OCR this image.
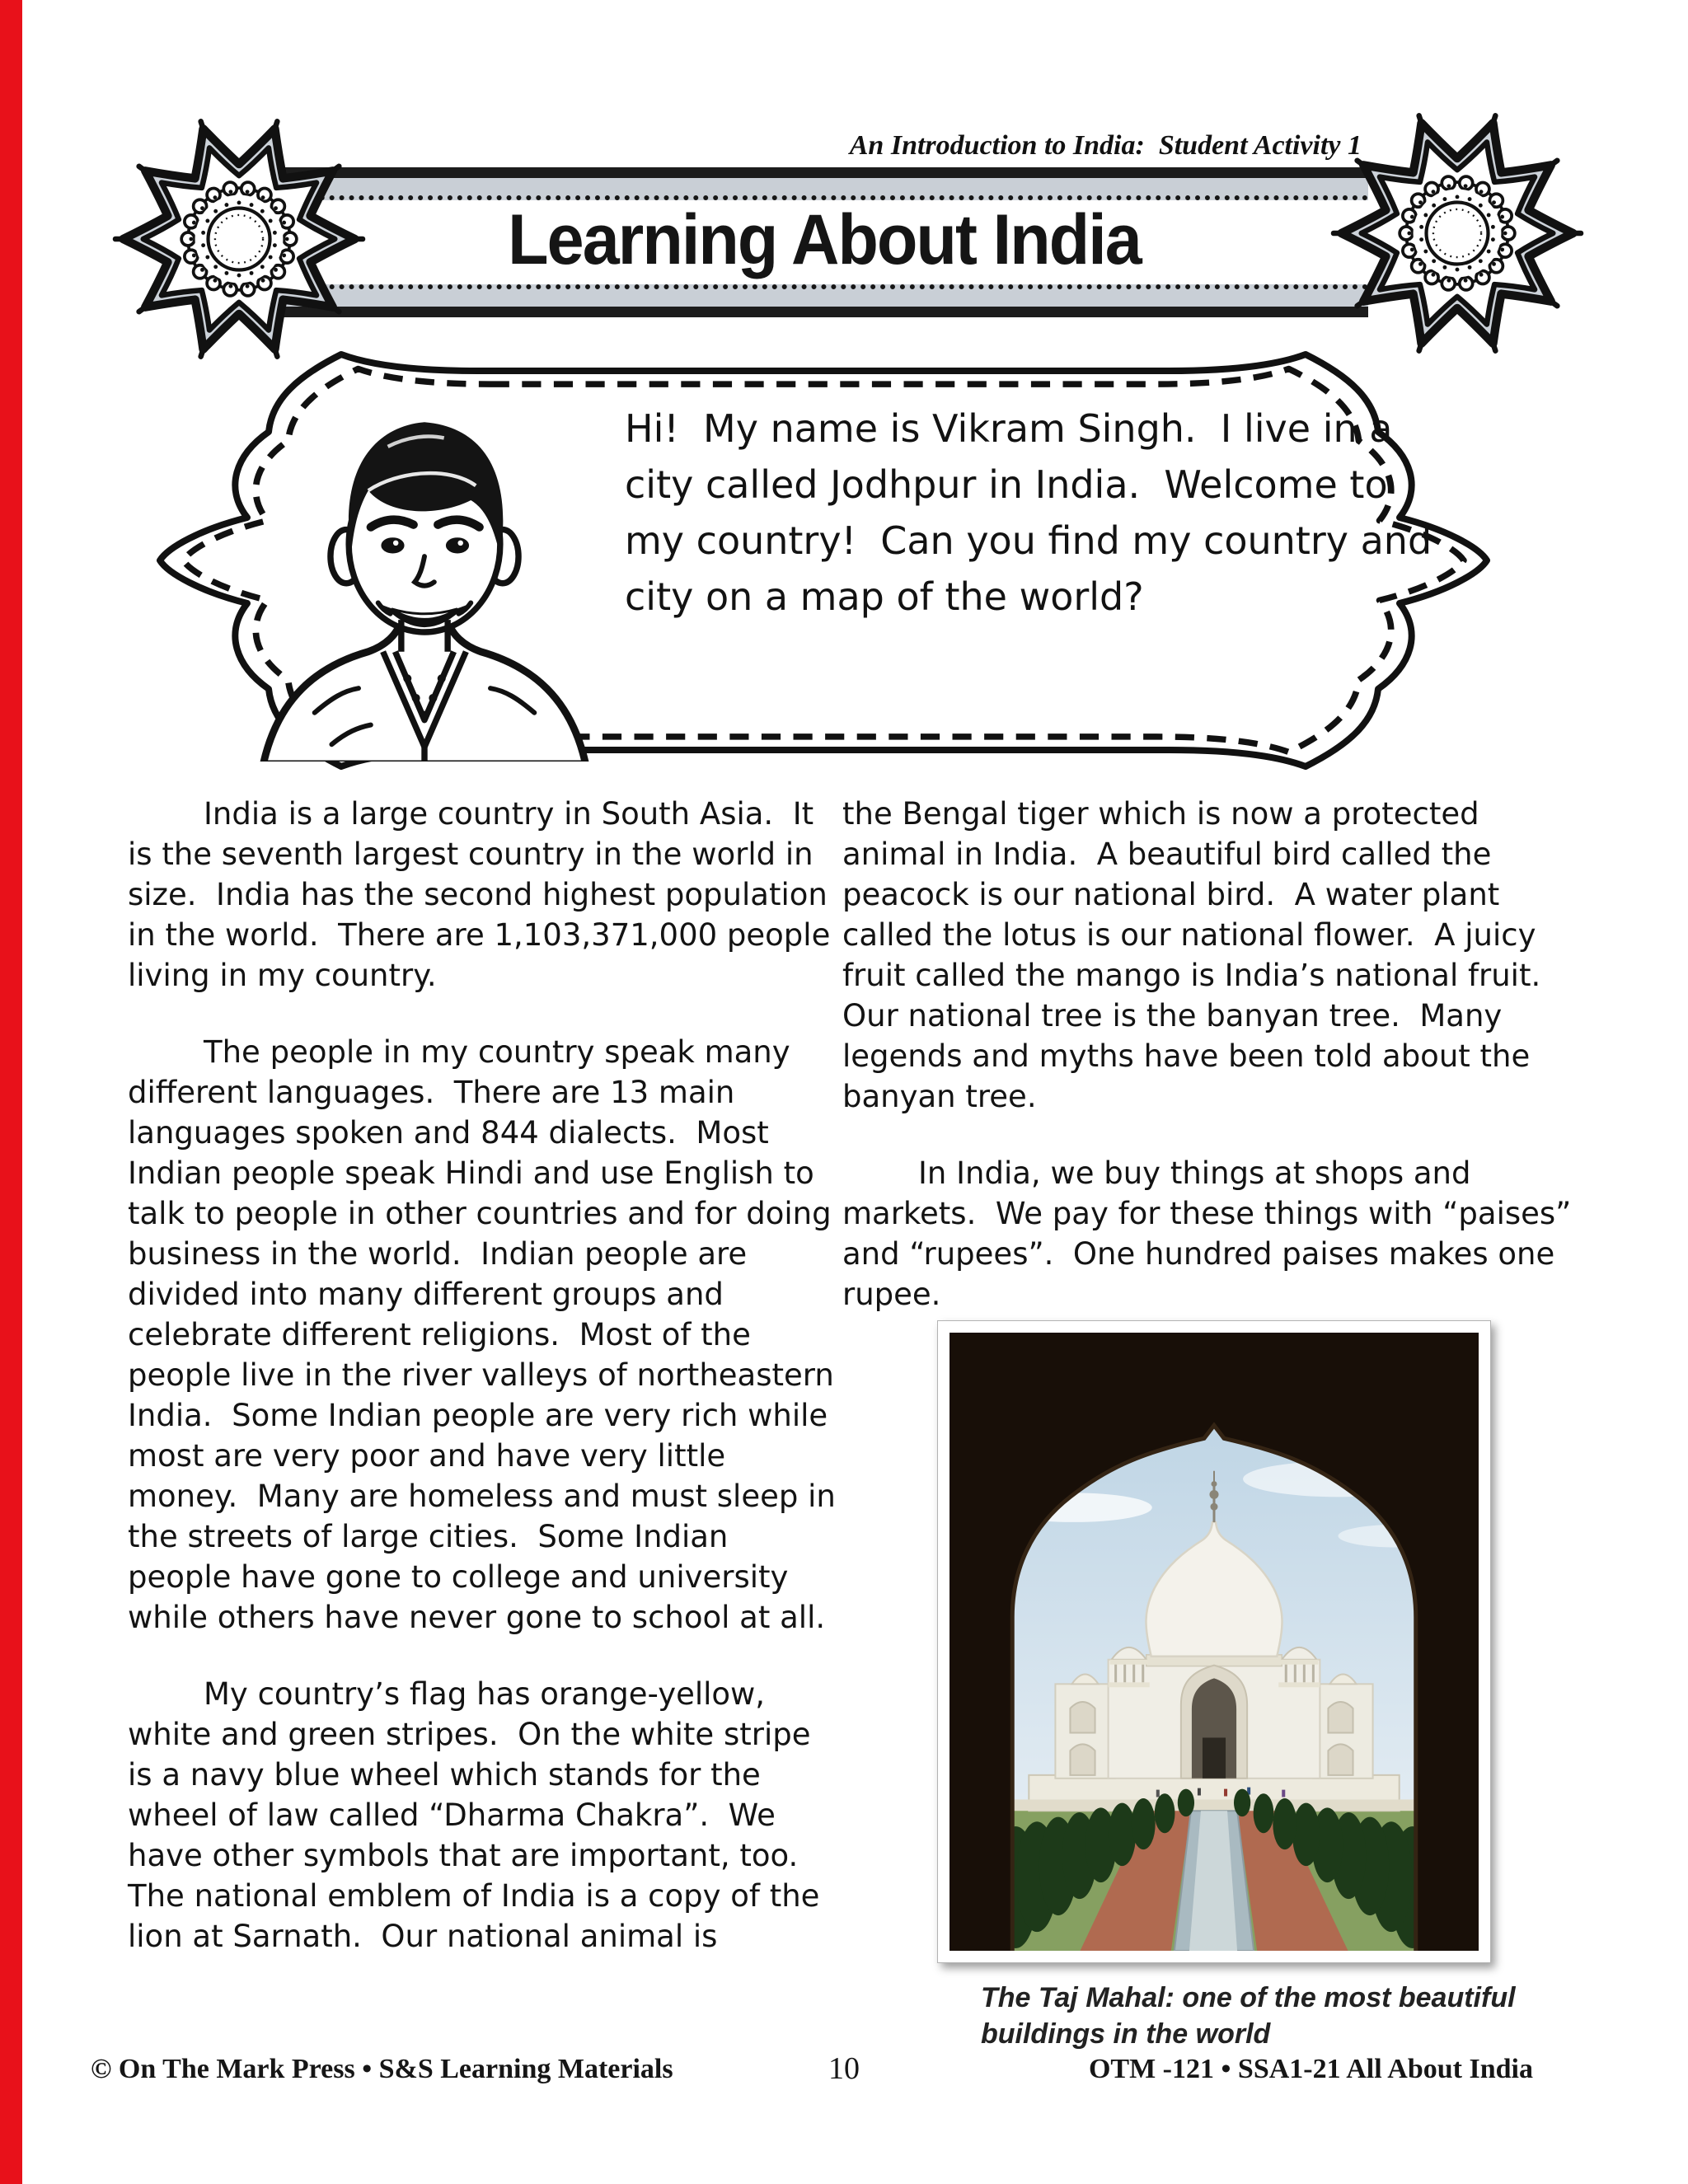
An Introduction to India:  Student Activity 1
Learning About India
Hi!  My name is Vikram Singh.  I live in a city called Jodhpur in India.  Welcome to my country!  Can you find my country and city on a map of the world?

India is a large country in South Asia.  It is the seventh largest country in the world in size.  India has the second highest population in the world.  There are 1,103,371,000 people living in my country.

The people in my country speak many different languages.  There are 13 main languages spoken and 844 dialects.  Most Indian people speak Hindi and use English to talk to people in other countries and for doing business in the world.  Indian people are divided into many different groups and celebrate different religions.  Most of the people live in the river valleys of northeastern India.  Some Indian people are very rich while most are very poor and have very little money.  Many are homeless and must sleep in the streets of large cities.  Some Indian people have gone to college and university while others have never gone to school at all.

My country’s flag has orange-yellow, white and green stripes.  On the white stripe is a navy blue wheel which stands for the wheel of law called “Dharma Chakra”.  We have other symbols that are important, too.  The national emblem of India is a copy of the lion at Sarnath.  Our national animal is

the Bengal tiger which is now a protected animal in India.  A beautiful bird called the peacock is our national bird.  A water plant called the lotus is our national flower.  A juicy fruit called the mango is India’s national fruit.  Our national tree is the banyan tree.  Many legends and myths have been told about the banyan tree.

In India, we buy things at shops and markets.  We pay for these things with “paises” and “rupees”.  One hundred paises makes one rupee.

The Taj Mahal: one of the most beautiful buildings in the world
© On The Mark Press • S&S Learning Materials	10	OTM -121 • SSA1-21 All About India
